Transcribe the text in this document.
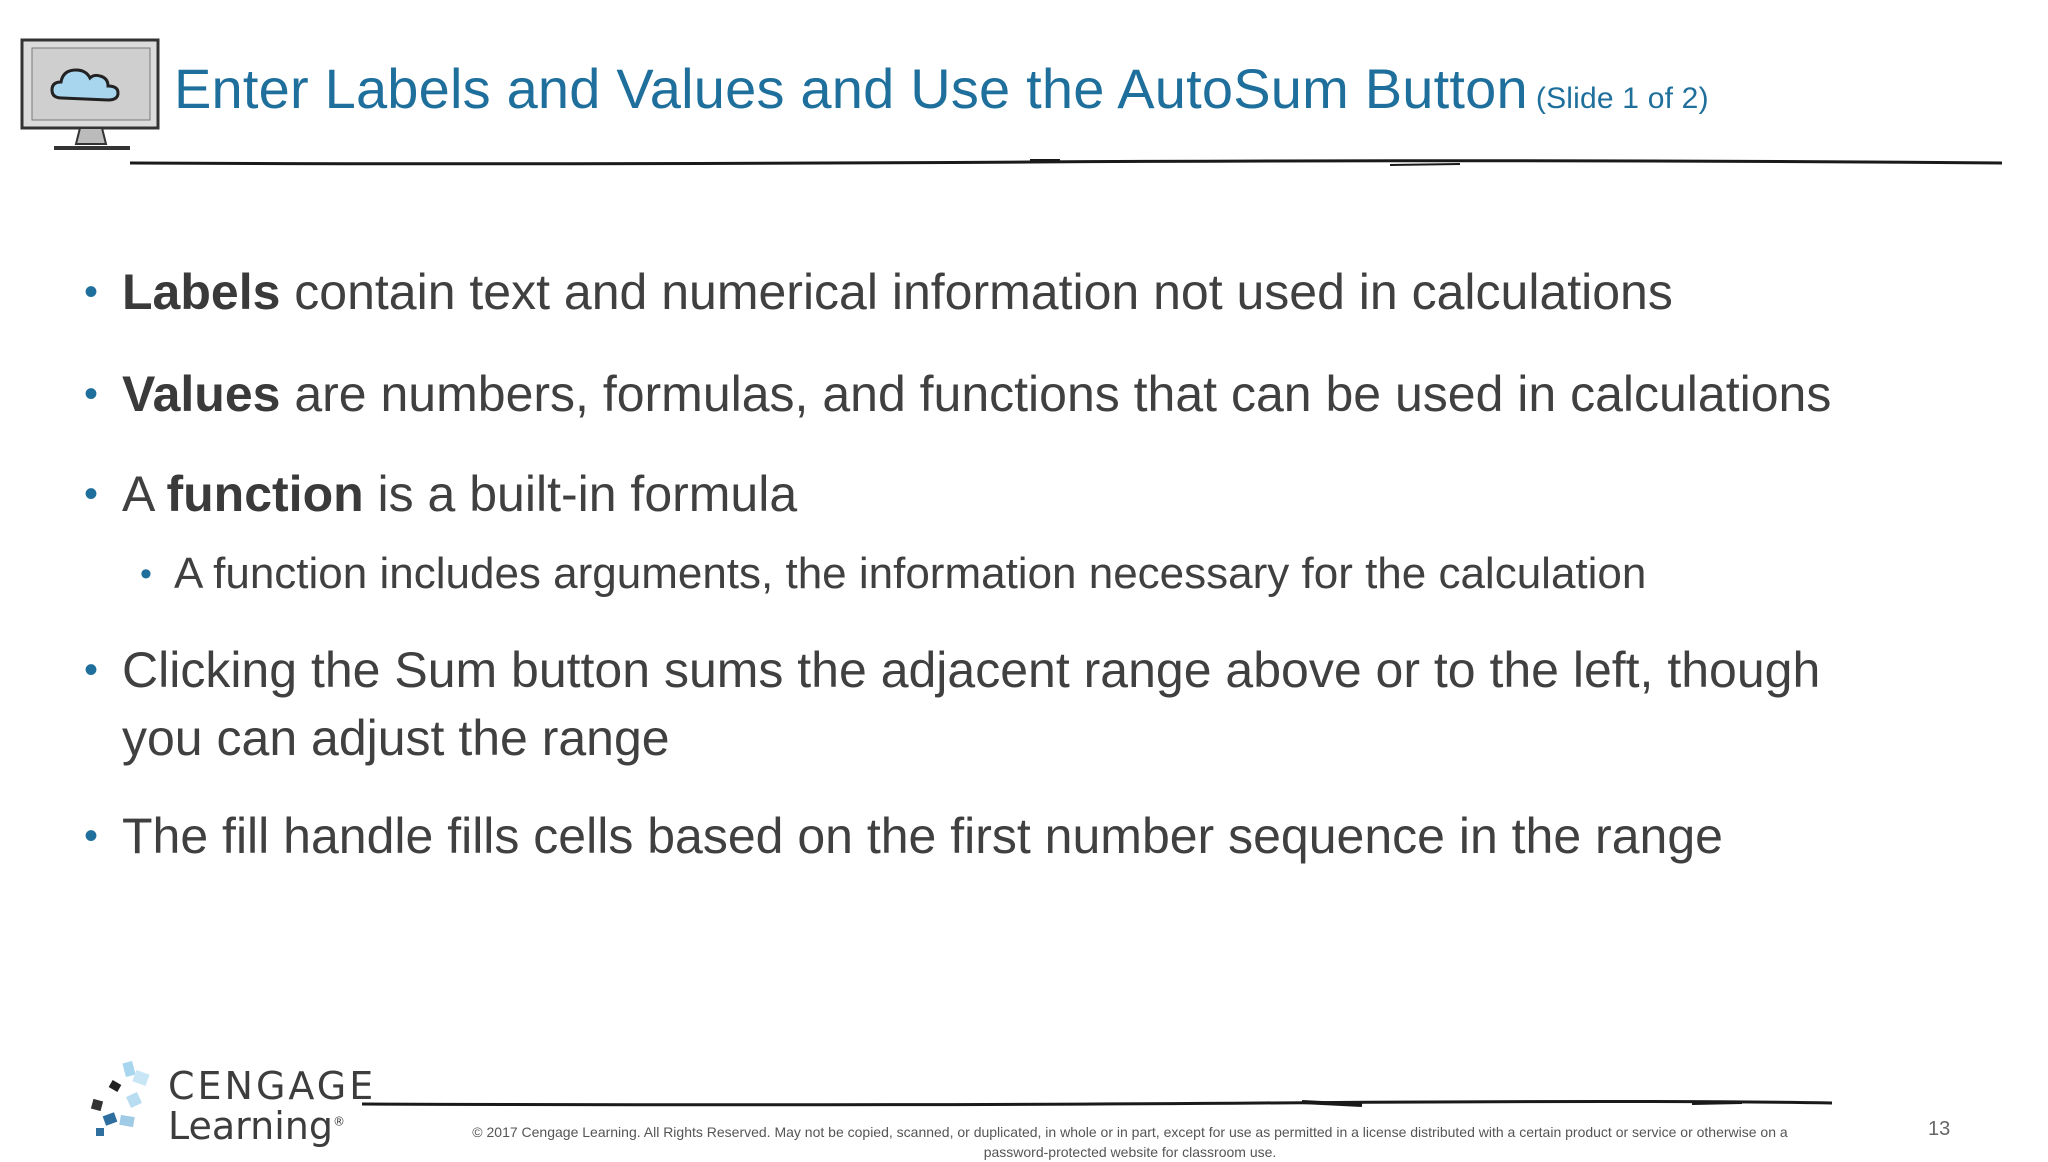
Enter Labels and Values and Use the AutoSum Button (Slide 1 of 2)
• Labels contain text and numerical information not used in calculations
• Values are numbers, formulas, and functions that can be used in calculations
• A function is a built-in formula
• A function includes arguments, the information necessary for the calculation
• Clicking the Sum button sums the adjacent range above or to the left, though
you can adjust the range
• The fill handle fills cells based on the first number sequence in the range
CENGAGE
Learning®
© 2017 Cengage Learning. All Rights Reserved. May not be copied, scanned, or duplicated, in whole or in part, except for use as permitted in a license distributed with a certain product or service or otherwise on a
password-protected website for classroom use.
13
